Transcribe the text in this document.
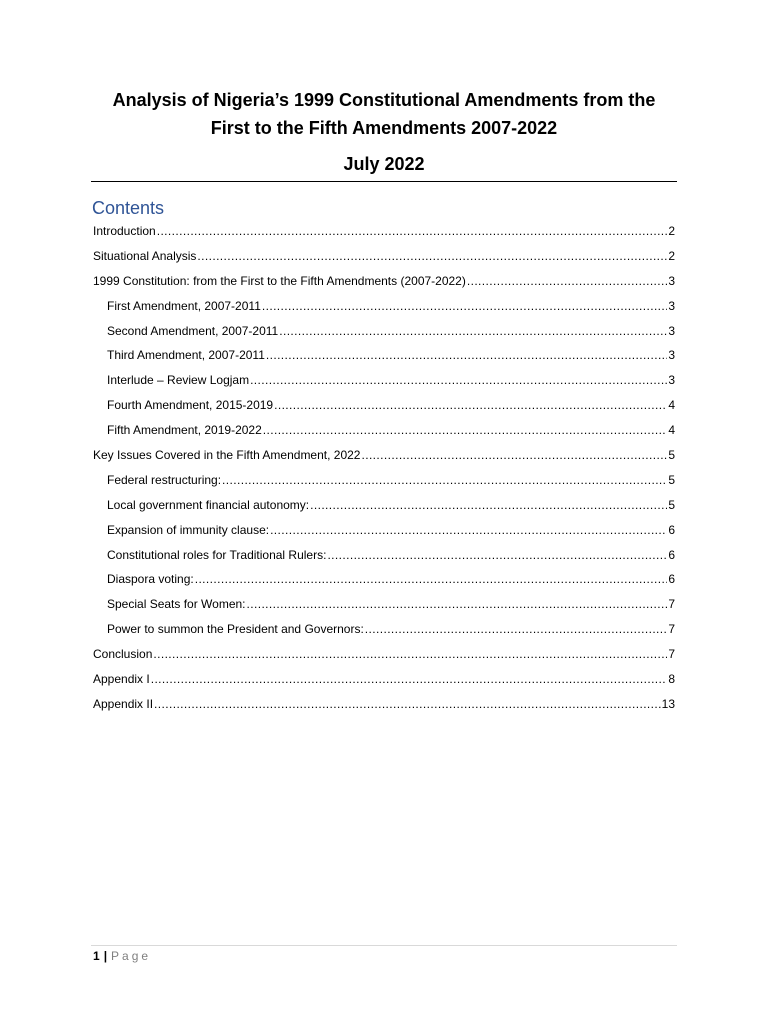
Analysis of Nigeria’s 1999 Constitutional Amendments from the First to the Fifth Amendments 2007-2022
July 2022
Contents
Introduction .....	2
Situational Analysis .....	2
1999 Constitution: from the First to the Fifth Amendments (2007-2022) .....	3
First Amendment, 2007-2011 .....	3
Second Amendment, 2007-2011 .....	3
Third Amendment, 2007-2011 .....	3
Interlude – Review Logjam .....	3
Fourth Amendment, 2015-2019 .....	4
Fifth Amendment, 2019-2022 .....	4
Key Issues Covered in the Fifth Amendment, 2022 .....	5
Federal restructuring: .....	5
Local government financial autonomy: .....	5
Expansion of immunity clause: .....	6
Constitutional roles for Traditional Rulers: .....	6
Diaspora voting: .....	6
Special Seats for Women: .....	7
Power to summon the President and Governors: .....	7
Conclusion .....	7
Appendix I .....	8
Appendix II .....	13
1 | Page
